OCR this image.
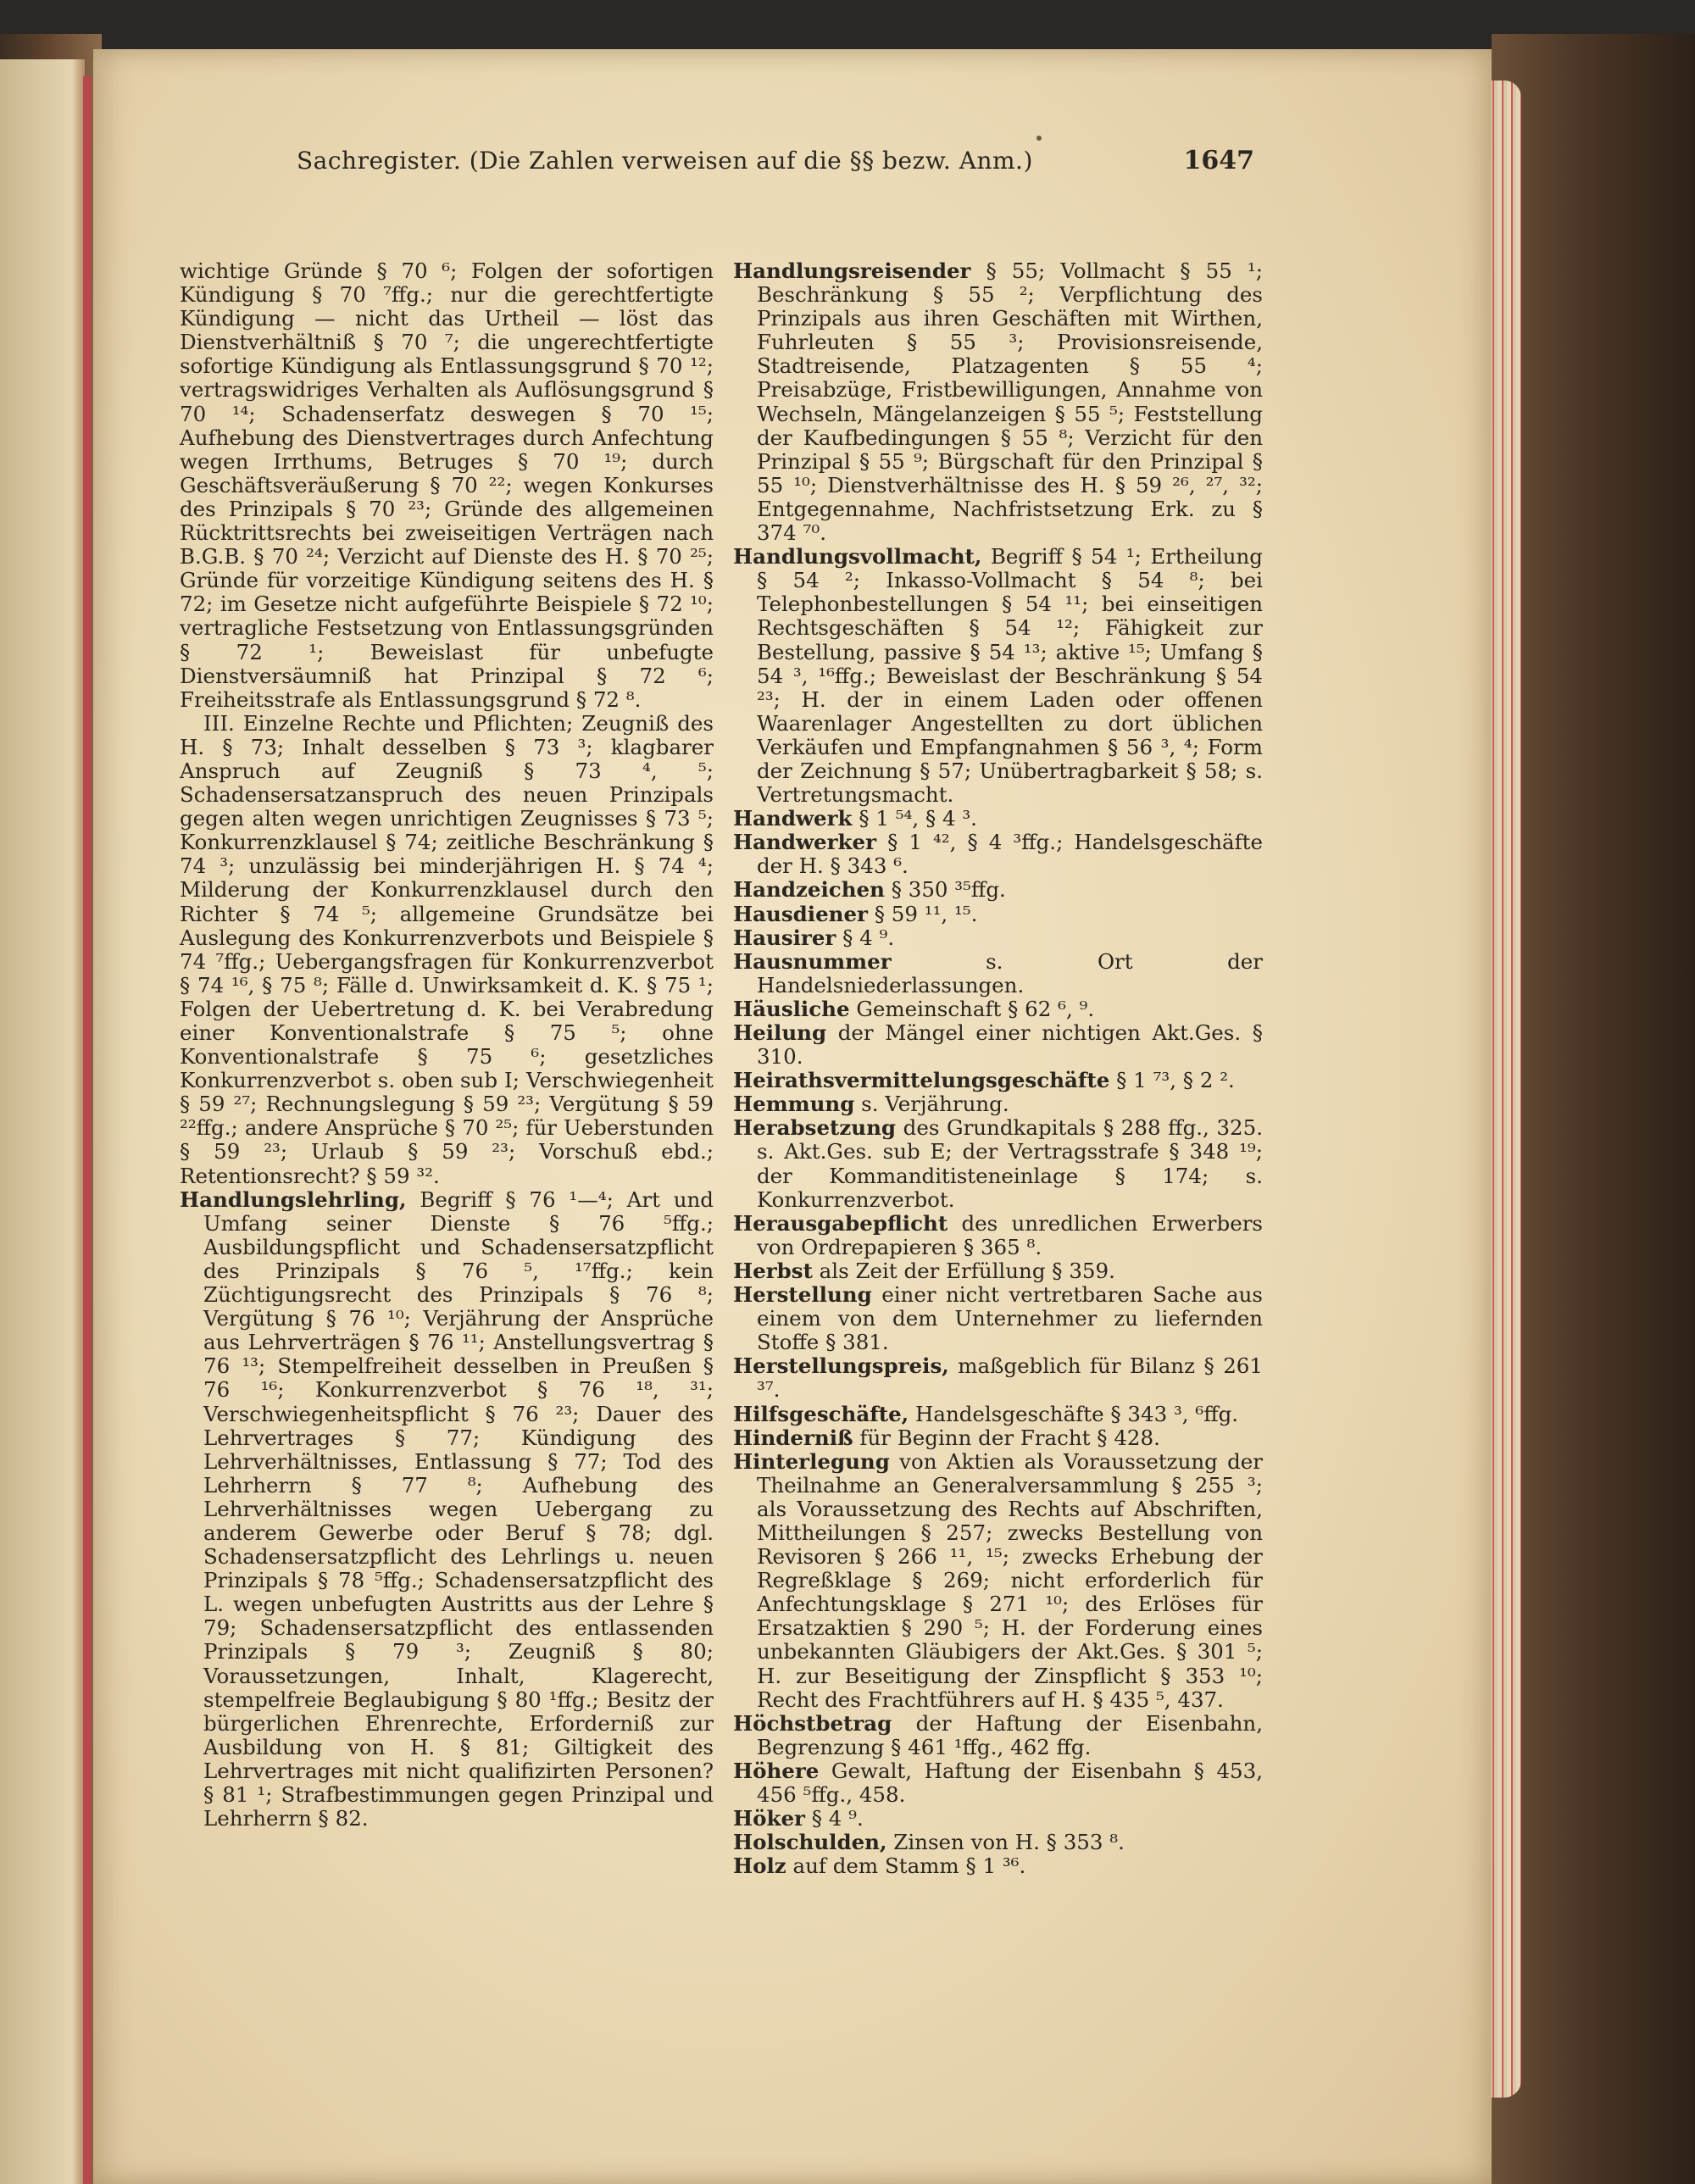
Sachregister. (Die Zahlen verweisen auf die §§ bezw. Anm.)	1647

wichtige Gründe § 70 ⁶; Folgen der sofortigen Kündigung § 70 ⁷ffg.; nur die gerechtfertigte Kündigung — nicht das Urtheil — löst das Dienstverhältniß § 70 ⁷; die ungerechtfertigte sofortige Kündigung als Entlassungsgrund § 70 ¹²; vertragswidriges Verhalten als Auflösungsgrund § 70 ¹⁴; Schadenserfatz deswegen § 70 ¹⁵; Aufhebung des Dienstvertrages durch Anfechtung wegen Irrthums, Betruges § 70 ¹⁹; durch Geschäftsveräußerung § 70 ²²; wegen Konkurses des Prinzipals § 70 ²³; Gründe des allgemeinen Rücktrittsrechts bei zweiseitigen Verträgen nach B.G.B. § 70 ²⁴; Verzicht auf Dienste des H. § 70 ²⁵; Gründe für vorzeitige Kündigung seitens des H. § 72; im Gesetze nicht aufgeführte Beispiele § 72 ¹⁰; vertragliche Festsetzung von Entlassungsgründen § 72 ¹; Beweislast für unbefugte Dienstversäumniß hat Prinzipal § 72 ⁶; Freiheitsstrafe als Entlassungsgrund § 72 ⁸.

III. Einzelne Rechte und Pflichten; Zeugniß des H. § 73; Inhalt desselben § 73 ³; klagbarer Anspruch auf Zeugniß § 73 ⁴, ⁵; Schadensersatzanspruch des neuen Prinzipals gegen alten wegen unrichtigen Zeugnisses § 73 ⁵; Konkurrenzklausel § 74; zeitliche Beschränkung § 74 ³; unzulässig bei minderjährigen H. § 74 ⁴; Milderung der Konkurrenzklausel durch den Richter § 74 ⁵; allgemeine Grundsätze bei Auslegung des Konkurrenzverbots und Beispiele § 74 ⁷ffg.; Uebergangsfragen für Konkurrenzverbot § 74 ¹⁶, § 75 ⁸; Fälle d. Unwirksamkeit d. K. § 75 ¹; Folgen der Uebertretung d. K. bei Verabredung einer Konventionalstrafe § 75 ⁵; ohne Konventionalstrafe § 75 ⁶; gesetzliches Konkurrenzverbot s. oben sub I; Verschwiegenheit § 59 ²⁷; Rechnungslegung § 59 ²³; Vergütung § 59 ²²ffg.; andere Ansprüche § 70 ²⁵; für Ueberstunden § 59 ²³; Urlaub § 59 ²³; Vorschuß ebd.; Retentionsrecht? § 59 ³².

Handlungslehrling, Begriff § 76 ¹—⁴; Art und Umfang seiner Dienste § 76 ⁵ffg.; Ausbildungspflicht und Schadensersatzpflicht des Prinzipals § 76 ⁵, ¹⁷ffg.; kein Züchtigungsrecht des Prinzipals § 76 ⁸; Vergütung § 76 ¹⁰; Verjährung der Ansprüche aus Lehrverträgen § 76 ¹¹; Anstellungsvertrag § 76 ¹³; Stempelfreiheit desselben in Preußen § 76 ¹⁶; Konkurrenzverbot § 76 ¹⁸, ³¹; Verschwiegenheitspflicht § 76 ²³; Dauer des Lehrvertrages § 77; Kündigung des Lehrverhältnisses, Entlassung § 77; Tod des Lehrherrn § 77 ⁸; Aufhebung des Lehrverhältnisses wegen Uebergang zu anderem Gewerbe oder Beruf § 78; dgl. Schadensersatzpflicht des Lehrlings u. neuen Prinzipals § 78 ⁵ffg.; Schadensersatzpflicht des L. wegen unbefugten Austritts aus der Lehre § 79; Schadensersatzpflicht des entlassenden Prinzipals § 79 ³; Zeugniß § 80; Voraussetzungen, Inhalt, Klagerecht, stempelfreie Beglaubigung § 80 ¹ffg.; Besitz der bürgerlichen Ehrenrechte, Erforderniß zur Ausbildung von H. § 81; Giltigkeit des Lehrvertrages mit nicht qualifizirten Personen? § 81 ¹; Strafbestimmungen gegen Prinzipal und Lehrherrn § 82.

Handlungsreisender § 55; Vollmacht § 55 ¹; Beschränkung § 55 ²; Verpflichtung des Prinzipals aus ihren Geschäften mit Wirthen, Fuhrleuten § 55 ³; Provisionsreisende, Stadtreisende, Platzagenten § 55 ⁴; Preisabzüge, Fristbewilligungen, Annahme von Wechseln, Mängelanzeigen § 55 ⁵; Feststellung der Kaufbedingungen § 55 ⁸; Verzicht für den Prinzipal § 55 ⁹; Bürgschaft für den Prinzipal § 55 ¹⁰; Dienstverhältnisse des H. § 59 ²⁶, ²⁷, ³²; Entgegennahme, Nachfristsetzung Erk. zu § 374 ⁷⁰.

Handlungsvollmacht, Begriff § 54 ¹; Ertheilung § 54 ²; Inkasso-Vollmacht § 54 ⁸; bei Telephonbestellungen § 54 ¹¹; bei einseitigen Rechtsgeschäften § 54 ¹²; Fähigkeit zur Bestellung, passive § 54 ¹³; aktive ¹⁵; Umfang § 54 ³, ¹⁶ffg.; Beweislast der Beschränkung § 54 ²³; H. der in einem Laden oder offenen Waarenlager Angestellten zu dort üblichen Verkäufen und Empfangnahmen § 56 ³, ⁴; Form der Zeichnung § 57; Unübertragbarkeit § 58; s. Vertretungsmacht.

Handwerk § 1 ⁵⁴, § 4 ³.

Handwerker § 1 ⁴², § 4 ³ffg.; Handelsgeschäfte der H. § 343 ⁶.

Handzeichen § 350 ³⁵ffg.

Hausdiener § 59 ¹¹, ¹⁵.

Hausirer § 4 ⁹.

Hausnummer s. Ort der Handelsniederlassungen.

Häusliche Gemeinschaft § 62 ⁶, ⁹.

Heilung der Mängel einer nichtigen Akt.Ges. § 310.

Heirathsvermittelungsgeschäfte § 1 ⁷³, § 2 ².

Hemmung s. Verjährung.

Herabsetzung des Grundkapitals § 288 ffg., 325. s. Akt.Ges. sub E; der Vertragsstrafe § 348 ¹⁹; der Kommanditisteneinlage § 174; s. Konkurrenzverbot.

Herausgabepflicht des unredlichen Erwerbers von Ordrepapieren § 365 ⁸.

Herbst als Zeit der Erfüllung § 359.

Herstellung einer nicht vertretbaren Sache aus einem von dem Unternehmer zu liefernden Stoffe § 381.

Herstellungspreis, maßgeblich für Bilanz § 261 ³⁷.

Hilfsgeschäfte, Handelsgeschäfte § 343 ³, ⁶ffg.

Hinderniß für Beginn der Fracht § 428.

Hinterlegung von Aktien als Voraussetzung der Theilnahme an Generalversammlung § 255 ³; als Voraussetzung des Rechts auf Abschriften, Mittheilungen § 257; zwecks Bestellung von Revisoren § 266 ¹¹, ¹⁵; zwecks Erhebung der Regreßklage § 269; nicht erforderlich für Anfechtungsklage § 271 ¹⁰; des Erlöses für Ersatzaktien § 290 ⁵; H. der Forderung eines unbekannten Gläubigers der Akt.Ges. § 301 ⁵; H. zur Beseitigung der Zinspflicht § 353 ¹⁰; Recht des Frachtführers auf H. § 435 ⁵, 437.

Höchstbetrag der Haftung der Eisenbahn, Begrenzung § 461 ¹ffg., 462 ffg.

Höhere Gewalt, Haftung der Eisenbahn § 453, 456 ⁵ffg., 458.

Höker § 4 ⁹.

Holschulden, Zinsen von H. § 353 ⁸.

Holz auf dem Stamm § 1 ³⁶.
